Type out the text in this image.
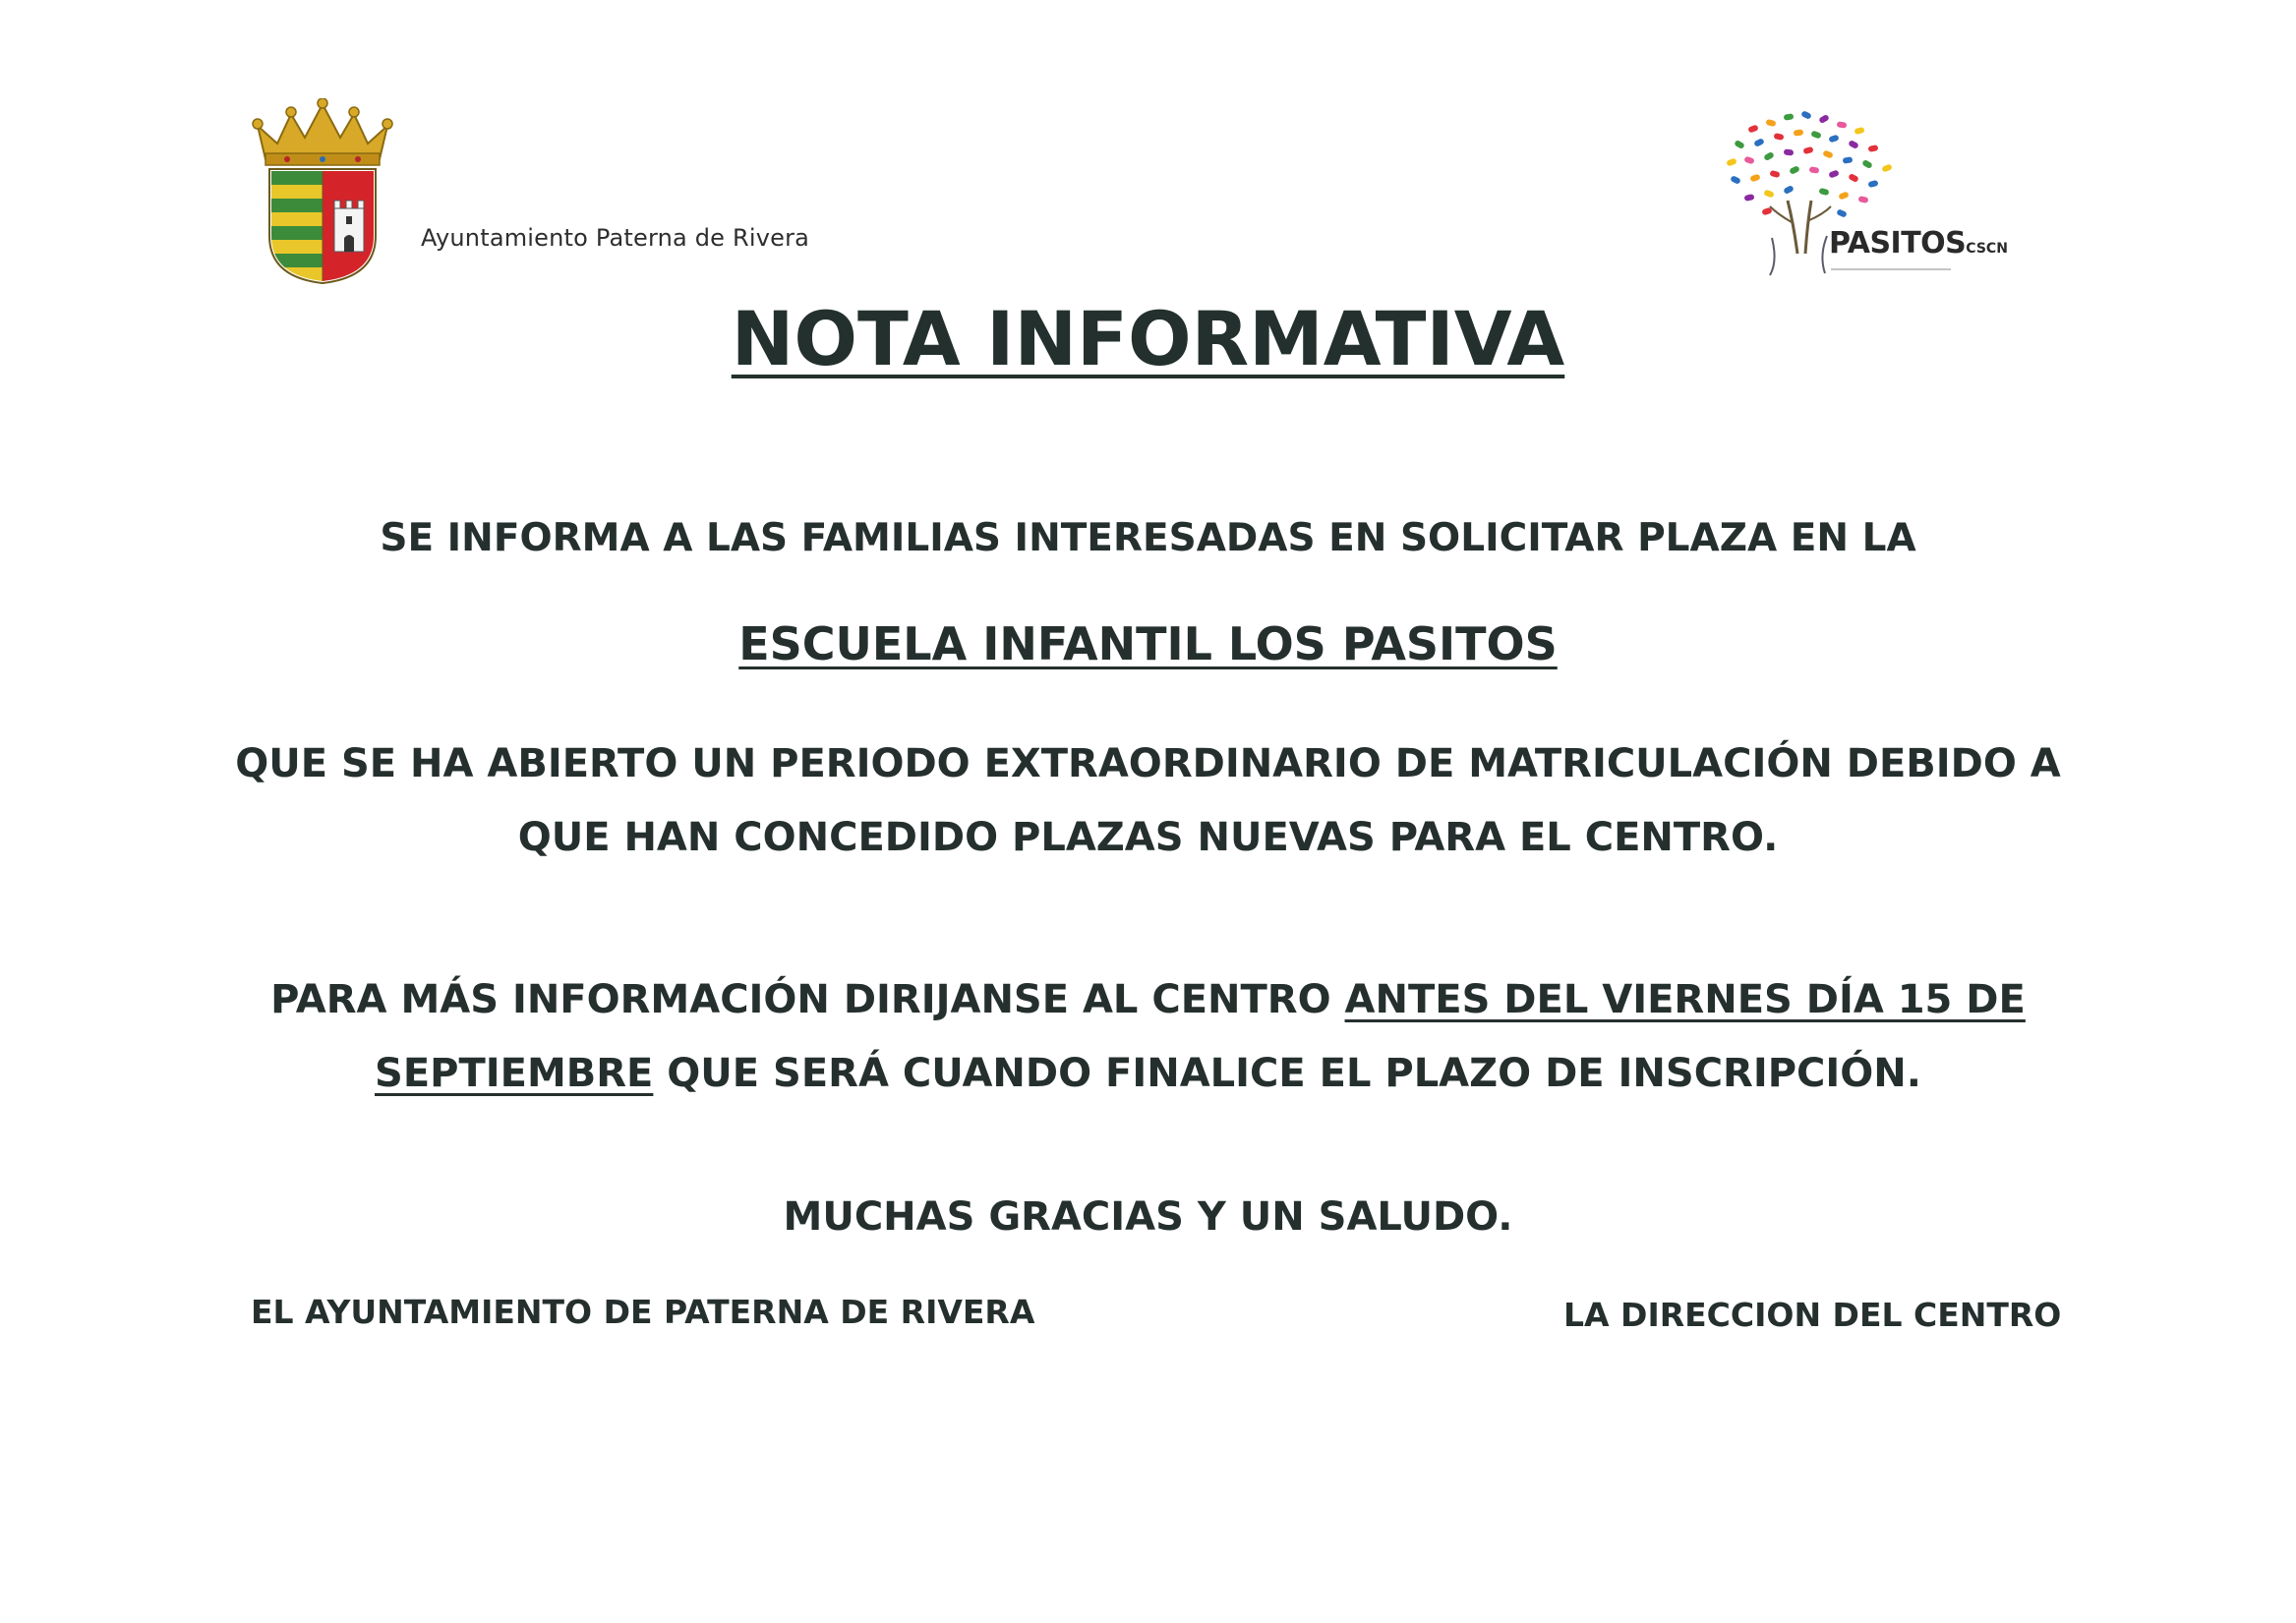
Ayuntamiento Paterna de Rivera	PASITOSCSCN
NOTA INFORMATIVA
SE INFORMA A LAS FAMILIAS INTERESADAS EN SOLICITAR PLAZA EN LA
ESCUELA INFANTIL LOS PASITOS
QUE SE HA ABIERTO UN PERIODO EXTRAORDINARIO DE MATRICULACIÓN DEBIDO A
QUE HAN CONCEDIDO PLAZAS NUEVAS PARA EL CENTRO.
PARA MÁS INFORMACIÓN DIRIJANSE AL CENTRO ANTES DEL VIERNES DÍA 15 DE
SEPTIEMBRE QUE SERÁ CUANDO FINALICE EL PLAZO DE INSCRIPCIÓN.
MUCHAS GRACIAS Y UN SALUDO.
EL AYUNTAMIENTO DE PATERNA DE RIVERA	LA DIRECCION DEL CENTRO
